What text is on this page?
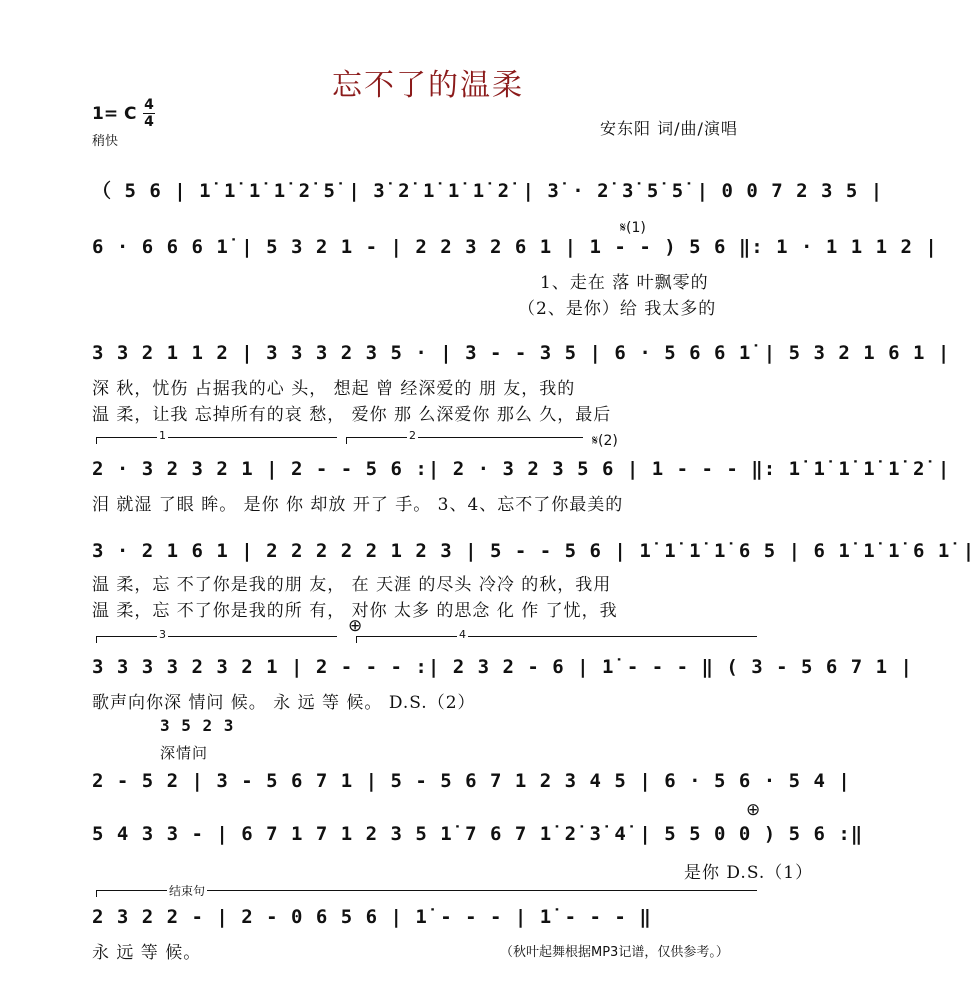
忘不了的温柔
1= C 4
4
稍快
安东阳 词/曲/演唱
（ 5 6 | 1̇ 1̇ 1̇ 1̇ 2̇ 5̇ | 3̇ 2̇ 1̇ 1̇ 1̇ 2̇ | 3̇ · 2̇ 3̇ 5̇ 5̇ | 0 0 7 2 3 5 |
𝄋(1)
6 · 6 6 6 1̇ | 5 3 2 1 - | 2 2 3 2 6 1 | 1 - - ) 5 6 ‖: 1 · 1 1 1 2 |
1、走在 落 叶飘零的
（2、是你）给 我太多的
3 3 2 1 1 2 | 3 3 3 2 3 5 · | 3 - - 3 5 | 6 · 5 6 6 1̇ | 5 3 2 1 6 1 |
深 秋，忧伤 占据我的心 头， 想起 曾 经深爱的 朋 友，我的
温 柔，让我 忘掉所有的哀 愁， 爱你 那 么深爱你 那么 久，最后
1	2	𝄋(2)
2 · 3 2 3 2 1 | 2 - - 5 6 :| 2 · 3 2 3 5 6 | 1 - - - ‖: 1̇ 1̇ 1̇ 1̇ 1̇ 2̇ |
泪 就湿 了眼 眸。 是你 你 却放 开了 手。 3、4、忘不了你最美的
3 · 2 1 6 1 | 2 2 2 2 2 1 2 3 | 5 - - 5 6 | 1̇ 1̇ 1̇ 1̇ 6 5 | 6 1̇ 1̇ 1̇ 6 1̇ |
温 柔，忘 不了你是我的朋 友， 在 天涯 的尽头 冷冷 的秋，我用
温 柔，忘 不了你是我的所 有， 对你 太多 的思念 化 作 了忧，我
3	⊕	4
3 3 3 3 2 3 2 1 | 2 - - - :| 2 3 2 - 6 | 1̇ - - - ‖ ( 3 - 5 6 7 1 |
歌声向你深 情问 候。 永 远 等 候。 D.S.（2）
3 5 2 3
深情问
2 - 5 2 | 3 - 5 6 7 1 | 5 - 5 6 7 1 2 3 4 5 | 6 · 5 6 · 5 4 |
⊕
5 4 3 3 - | 6 7 1 7 1 2 3 5 1̇ 7 6 7 1̇ 2̇ 3̇ 4̇ | 5 5 0 0 ) 5 6 :‖
是你 D.S.（1）
结束句
2 3 2 2 - | 2 - 0 6 5 6 | 1̇ - - - | 1̇ - - - ‖
永 远 等 候。	（秋叶起舞根据MP3记谱，仅供参考。）
